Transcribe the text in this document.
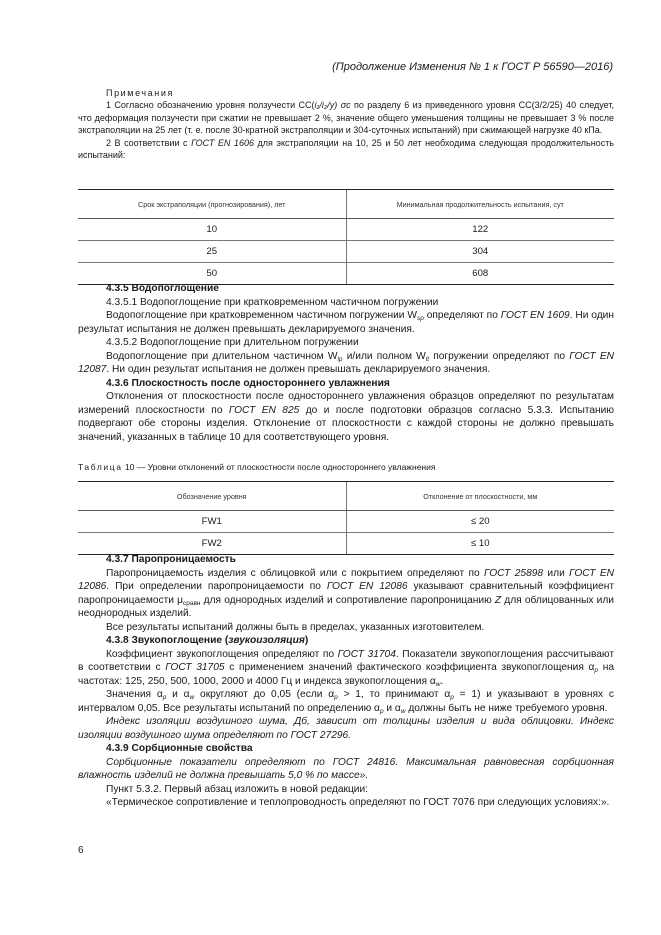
(Продолжение Изменения № 1 к ГОСТ Р 56590—2016)

Примечания

1 Согласно обозначению уровня ползучести CC(i₁/i₂/y) σc по разделу 6 из приведенного уровня CC(3/2/25) 40 следует, что деформация ползучести при сжатии не превышает 2 %, значение общего уменьшения толщины не превышает 3 % после экстраполяции на 25 лет (т. е. после 30-кратной экстраполяции и 304-суточных испытаний) при сжимающей нагрузке 40 кПа.

2 В соответствии с ГОСТ EN 1606 для экстраполяции на 10, 25 и 50 лет необходима следующая продолжительность испытаний:

Срок экстраполяции (прогнозирования), лет	Минимальная продолжительность испытания, сут
10	122
25	304
50	608

4.3.5 Водопоглощение

4.3.5.1 Водопоглощение при кратковременном частичном погружении

Водопоглощение при кратковременном частичном погружении $W_{sp}$ определяют по ГОСТ EN 1609. Ни один результат испытания не должен превышать декларируемого значения.

4.3.5.2 Водопоглощение при длительном погружении

Водопоглощение при длительном частичном $W_{lp}$ и/или полном $W_{lt}$ погружении определяют по ГОСТ EN 12087. Ни один результат испытания не должен превышать декларируемого значения.

4.3.6 Плоскостность после одностороннего увлажнения

Отклонения от плоскостности после одностороннего увлажнения образцов определяют по результатам измерений плоскостности по ГОСТ EN 825 до и после подготовки образцов согласно 5.3.3. Испытанию подвергают обе стороны изделия. Отклонение от плоскостности с каждой стороны не должно превышать значений, указанных в таблице 10 для соответствующего уровня.

Таблица 10 — Уровни отклонений от плоскостности после одностороннего увлажнения
Обозначение уровня	Отклонение от плоскостности, мм
FW1	≤ 20
FW2	≤ 10

4.3.7 Паропроницаемость

Паропроницаемость изделия с облицовкой или с покрытием определяют по ГОСТ 25898 или ГОСТ EN 12086. При определении паропроницаемости по ГОСТ EN 12086 указывают сравнительный коэффициент паропроницаемости $\mu_{сравн}$ для однородных изделий и сопротивление паропроницанию Z для облицованных или неоднородных изделий.

Все результаты испытаний должны быть в пределах, указанных изготовителем.

4.3.8 Звукопоглощение (звукоизоляция)

Коэффициент звукопоглощения определяют по ГОСТ 31704. Показатели звукопоглощения рассчитывают в соответствии с ГОСТ 31705 с применением значений фактического коэффициента звукопоглощения $\alpha_p$ на частотах: 125, 250, 500, 1000, 2000 и 4000 Гц и индекса звукопоглощения $\alpha_w$.

Значения $\alpha_p$ и $\alpha_w$ округляют до 0,05 (если $\alpha_p > 1$, то принимают $\alpha_p = 1$) и указывают в уровнях с интервалом 0,05. Все результаты испытаний по определению $\alpha_p$ и $\alpha_w$ должны быть не ниже требуемого уровня.

Индекс изоляции воздушного шума, Дб, зависит от толщины изделия и вида облицовки. Индекс изоляции воздушного шума определяют по ГОСТ 27296.

4.3.9 Сорбционные свойства

Сорбционные показатели определяют по ГОСТ 24816. Максимальная равновесная сорбционная влажность изделий не должна превышать 5,0 % по массе».

Пункт 5.3.2. Первый абзац изложить в новой редакции:

«Термическое сопротивление и теплопроводность определяют по ГОСТ 7076 при следующих условиях:».

6
